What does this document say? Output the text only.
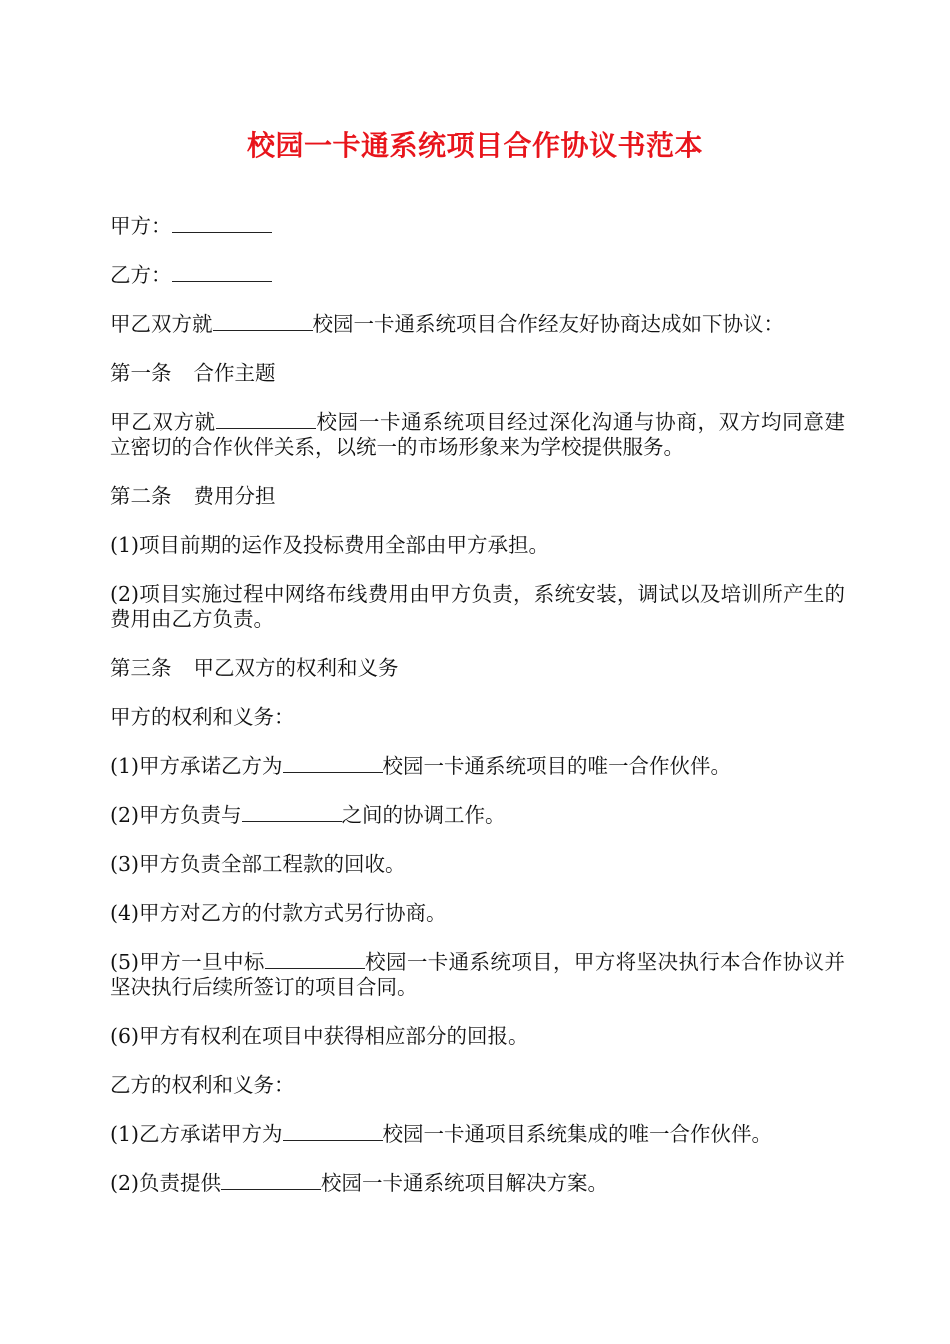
校园一卡通系统项目合作协议书范本

甲方：

乙方：

甲乙双方就	校园一卡通系统项目合作经友好协商达成如下协议：

第一条 合作主题

甲乙双方就	校园一卡通系统项目经过深化沟通与协商，双方均同意建立密切的合作伙伴关系，以统一的市场形象来为学校提供服务。

第二条 费用分担

(1)项目前期的运作及投标费用全部由甲方承担。

(2)项目实施过程中网络布线费用由甲方负责，系统安装，调试以及培训所产生的费用由乙方负责。

第三条 甲乙双方的权利和义务

甲方的权利和义务：

(1)甲方承诺乙方为	校园一卡通系统项目的唯一合作伙伴。

(2)甲方负责与	之间的协调工作。

(3)甲方负责全部工程款的回收。

(4)甲方对乙方的付款方式另行协商。

(5)甲方一旦中标	校园一卡通系统项目，甲方将坚决执行本合作协议并坚决执行后续所签订的项目合同。

(6)甲方有权利在项目中获得相应部分的回报。

乙方的权利和义务：

(1)乙方承诺甲方为	校园一卡通项目系统集成的唯一合作伙伴。

(2)负责提供	校园一卡通系统项目解决方案。
